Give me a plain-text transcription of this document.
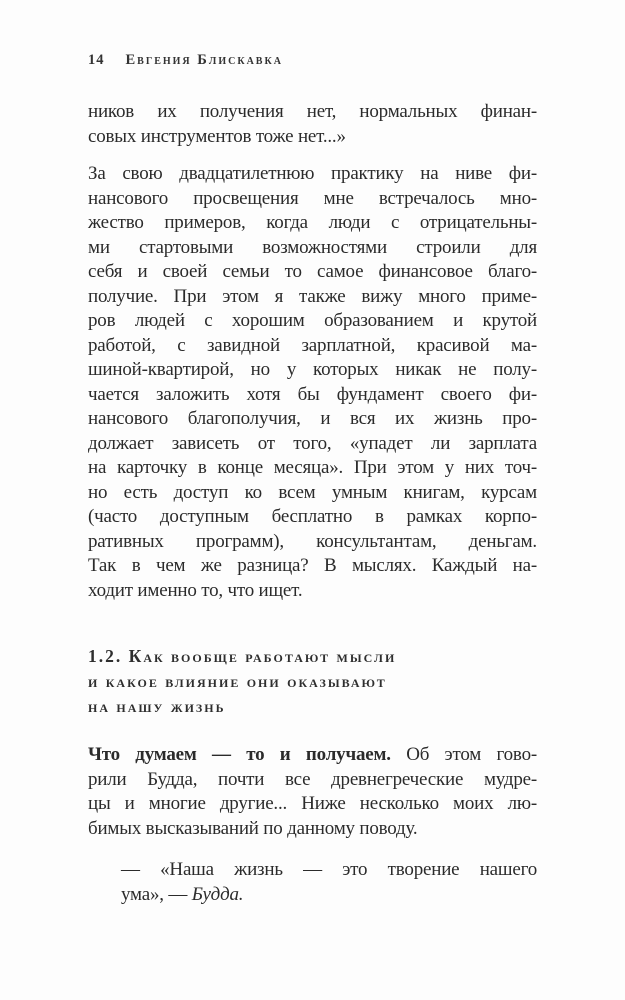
14 Евгения Блискавка
ников их получения нет, нормальных финан-
совых инструментов тоже нет...»
За свою двадцатилетнюю практику на ниве фи-
нансового просвещения мне встречалось мно-
жество примеров, когда люди с отрицательны-
ми стартовыми возможностями строили для
себя и своей семьи то самое финансовое благо-
получие. При этом я также вижу много приме-
ров людей с хорошим образованием и крутой
работой, с завидной зарплатной, красивой ма-
шиной-квартирой, но у которых никак не полу-
чается заложить хотя бы фундамент своего фи-
нансового благополучия, и вся их жизнь про-
должает зависеть от того, «упадет ли зарплата
на карточку в конце месяца». При этом у них точ-
но есть доступ ко всем умным книгам, курсам
(часто доступным бесплатно в рамках корпо-
ративных программ), консультантам, деньгам.
Так в чем же разница? В мыслях. Каждый на-
ходит именно то, что ищет.
1.2. Как вообще работают мысли
и какое влияние они оказывают
на нашу жизнь
Что думаем — то и получаем. Об этом гово-
рили Будда, почти все древнегреческие мудре-
цы и многие другие... Ниже несколько моих лю-
бимых высказываний по данному поводу.
— «Наша жизнь — это творение нашего
ума», — Будда.
